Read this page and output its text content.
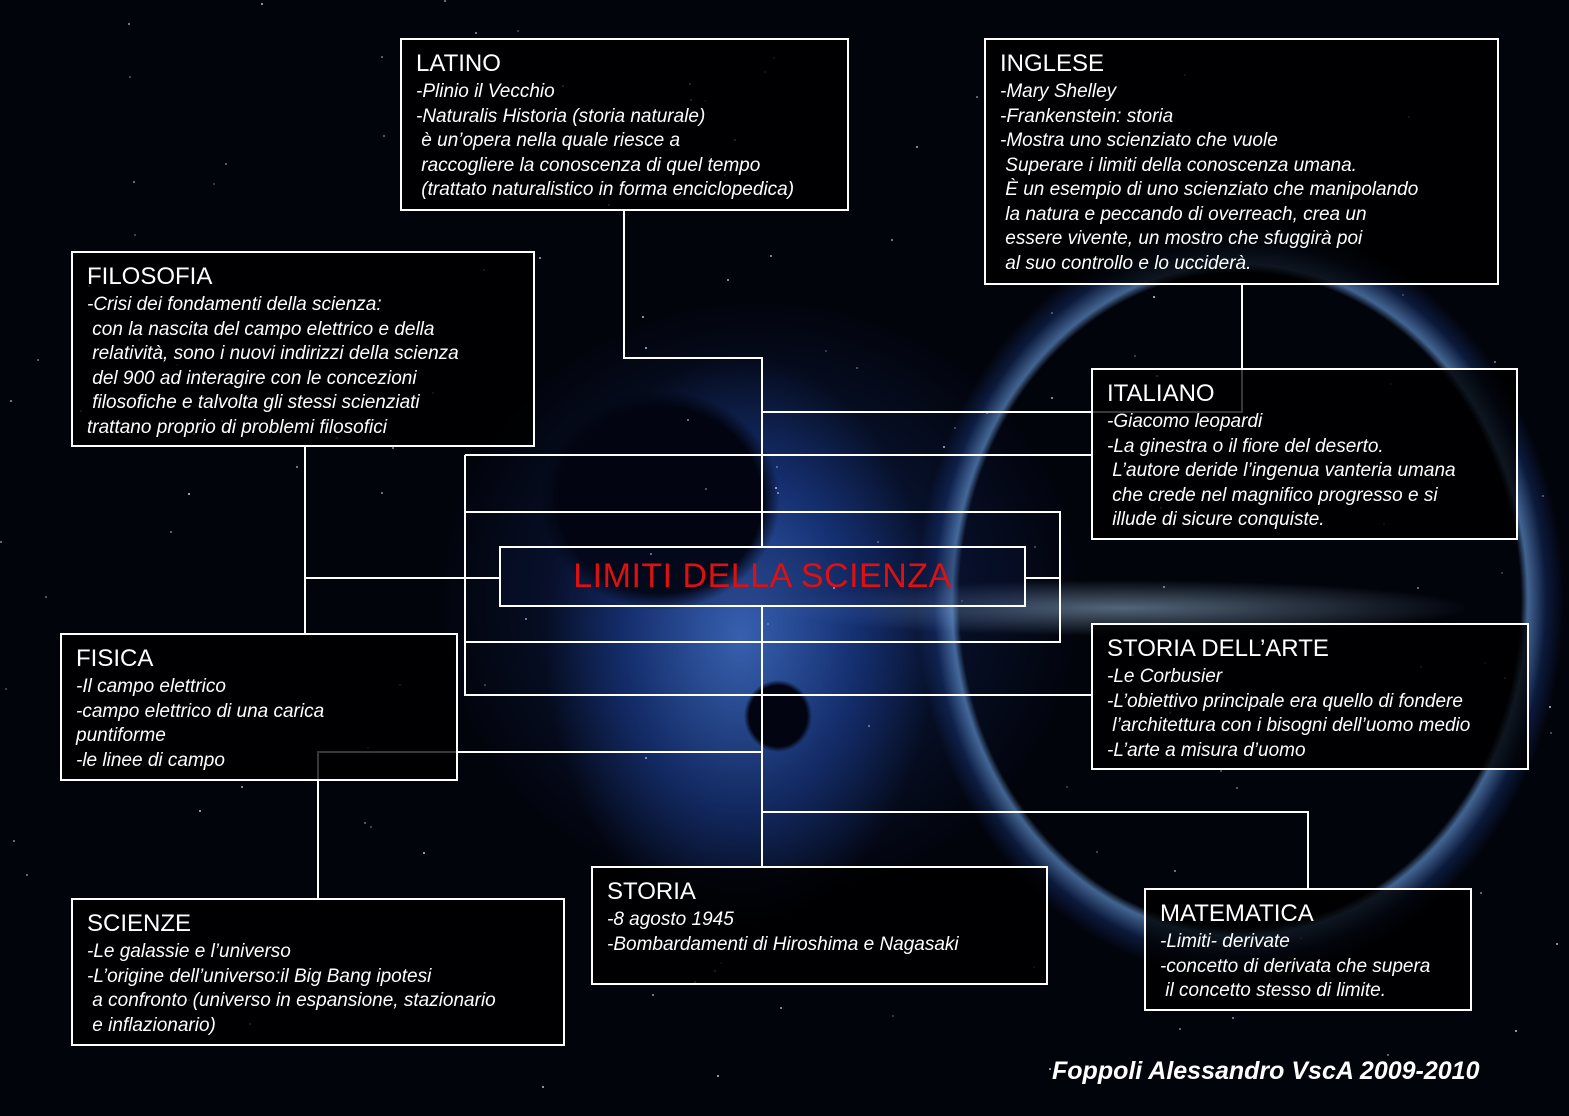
LATINO
-Plinio il Vecchio
-Naturalis Historia (storia naturale)
è un’opera nella quale riesce a
raccogliere la conoscenza di quel tempo
(trattato naturalistico in forma enciclopedica)
INGLESE
-Mary Shelley
-Frankenstein: storia
-Mostra uno scienziato che vuole
Superare i limiti della conoscenza umana.
È un esempio di uno scienziato che manipolando
la natura e peccando di overreach, crea un
essere vivente, un mostro che sfuggirà poi
al suo controllo e lo ucciderà.
FILOSOFIA
-Crisi dei fondamenti della scienza:
con la nascita del campo elettrico e della
relatività, sono i nuovi indirizzi della scienza
del 900 ad interagire con le concezioni
filosofiche e talvolta gli stessi scienziati
trattano proprio di problemi filosofici
ITALIANO
-Giacomo leopardi
-La ginestra o il fiore del deserto.
L’autore deride l’ingenua vanteria umana
che crede nel magnifico progresso e si
illude di sicure conquiste.
LIMITI DELLA SCIENZA
FISICA
-Il campo elettrico
-campo elettrico di una carica
puntiforme
-le linee di campo
STORIA DELL’ARTE
-Le Corbusier
-L’obiettivo principale era quello di fondere
l’architettura con i bisogni dell’uomo medio
-L’arte a misura d’uomo
STORIA
-8 agosto 1945
-Bombardamenti di Hiroshima e Nagasaki
SCIENZE
-Le galassie e l’universo
-L’origine dell’universo:il Big Bang ipotesi
a confronto (universo in espansione, stazionario
e inflazionario)
MATEMATICA
-Limiti- derivate
-concetto di derivata che supera
il concetto stesso di limite.
Foppoli Alessandro VscA 2009-2010
